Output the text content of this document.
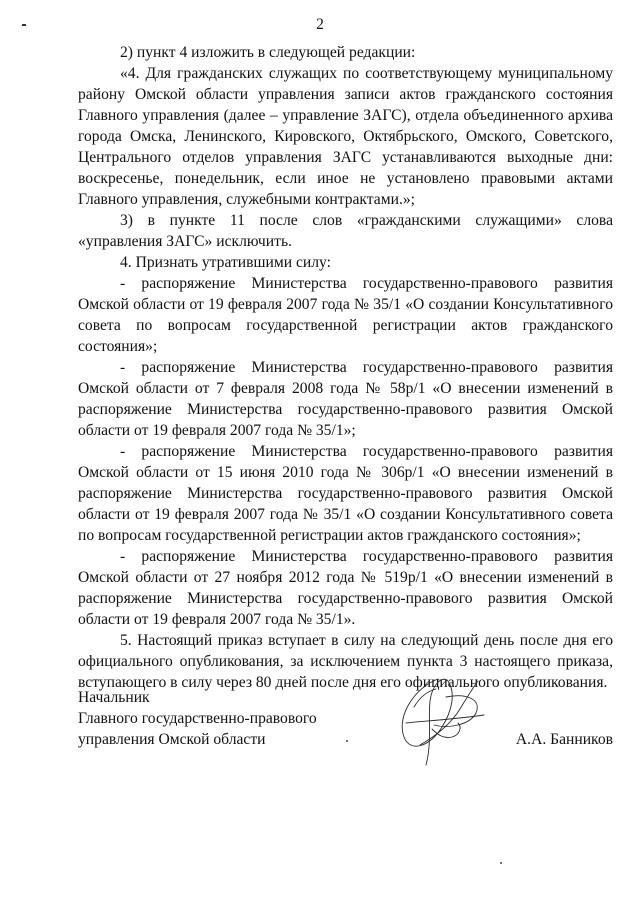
2

2) пункт 4 изложить в следующей редакции:

«4. Для гражданских служащих по соответствующему муниципальному району Омской области управления записи актов гражданского состояния Главного управления (далее – управление ЗАГС), отдела объединенного архива города Омска, Ленинского, Кировского, Октябрьского, Омского, Советского, Центрального отделов управления ЗАГС устанавливаются выходные дни: воскресенье, понедельник, если иное не установлено правовыми актами Главного управления, служебными контрактами.»;

3) в пункте 11 после слов «гражданскими служащими» слова «управления ЗАГС» исключить.

4. Признать утратившими силу:

- распоряжение Министерства государственно-правового развития Омской области от 19 февраля 2007 года № 35/1 «О создании Консультативного совета по вопросам государственной регистрации актов гражданского состояния»;

- распоряжение Министерства государственно-правового развития Омской области от 7 февраля 2008 года № 58р/1 «О внесении изменений в распоряжение Министерства государственно-правового развития Омской области от 19 февраля 2007 года № 35/1»;

- распоряжение Министерства государственно-правового развития Омской области от 15 июня 2010 года № 306р/1 «О внесении изменений в распоряжение Министерства государственно-правового развития Омской области от 19 февраля 2007 года № 35/1 «О создании Консультативного совета по вопросам государственной регистрации актов гражданского состояния»;

- распоряжение Министерства государственно-правового развития Омской области от 27 ноября 2012 года № 519р/1 «О внесении изменений в распоряжение Министерства государственно-правового развития Омской области от 19 февраля 2007 года № 35/1».

5. Настоящий приказ вступает в силу на следующий день после дня его официального опубликования, за исключением пункта 3 настоящего приказа, вступающего в силу через 80 дней после дня его официального опубликования.

Начальник
Главного государственно-правового
управления Омской области	А.А. Банников
